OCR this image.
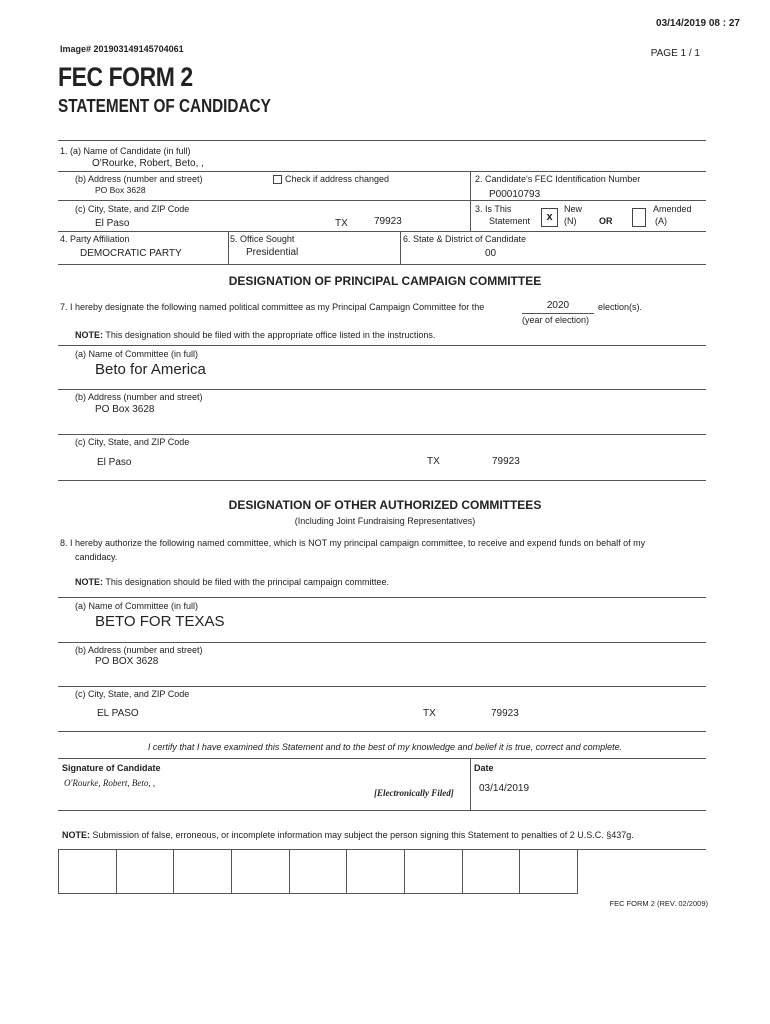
03/14/2019 08 : 27
Image# 201903149145704061	PAGE 1 / 1
FEC FORM 2
STATEMENT OF CANDIDACY
1. (a) Name of Candidate (in full)
O'Rourke, Robert, Beto, ,
(b) Address (number and street)
PO Box 3628
Check if address changed	2. Candidate's FEC Identification Number
P00010793
(c) City, State, and ZIP Code
El Paso	TX	79923
3. Is This
Statement	x
New
(N)	OR
Amended
(A)
4. Party Affiliation
DEMOCRATIC PARTY
5. Office Sought
Presidential
6. State & District of Candidate
00
DESIGNATION OF PRINCIPAL CAMPAIGN COMMITTEE
7. I hereby designate the following named political committee as my Principal Campaign Committee for the	2020	election(s).
(year of election)
NOTE: This designation should be filed with the appropriate office listed in the instructions.
(a) Name of Committee (in full)
Beto for America
(b) Address (number and street)
PO Box 3628
(c) City, State, and ZIP Code
El Paso	TX	79923
DESIGNATION OF OTHER AUTHORIZED COMMITTEES
(Including Joint Fundraising Representatives)
8. I hereby authorize the following named committee, which is NOT my principal campaign committee, to receive and expend funds on behalf of my
candidacy.
NOTE: This designation should be filed with the principal campaign committee.
(a) Name of Committee (in full)
BETO FOR TEXAS
(b) Address (number and street)
PO BOX 3628
(c) City, State, and ZIP Code
EL PASO	TX	79923
I certify that I have examined this Statement and to the best of my knowledge and belief it is true, correct and complete.
Signature of Candidate
O'Rourke, Robert, Beto, ,
[Electronically Filed]
Date
03/14/2019
NOTE: Submission of false, erroneous, or incomplete information may subject the person signing this Statement to penalties of 2 U.S.C. §437g.
FEC FORM 2 (REV. 02/2009)
